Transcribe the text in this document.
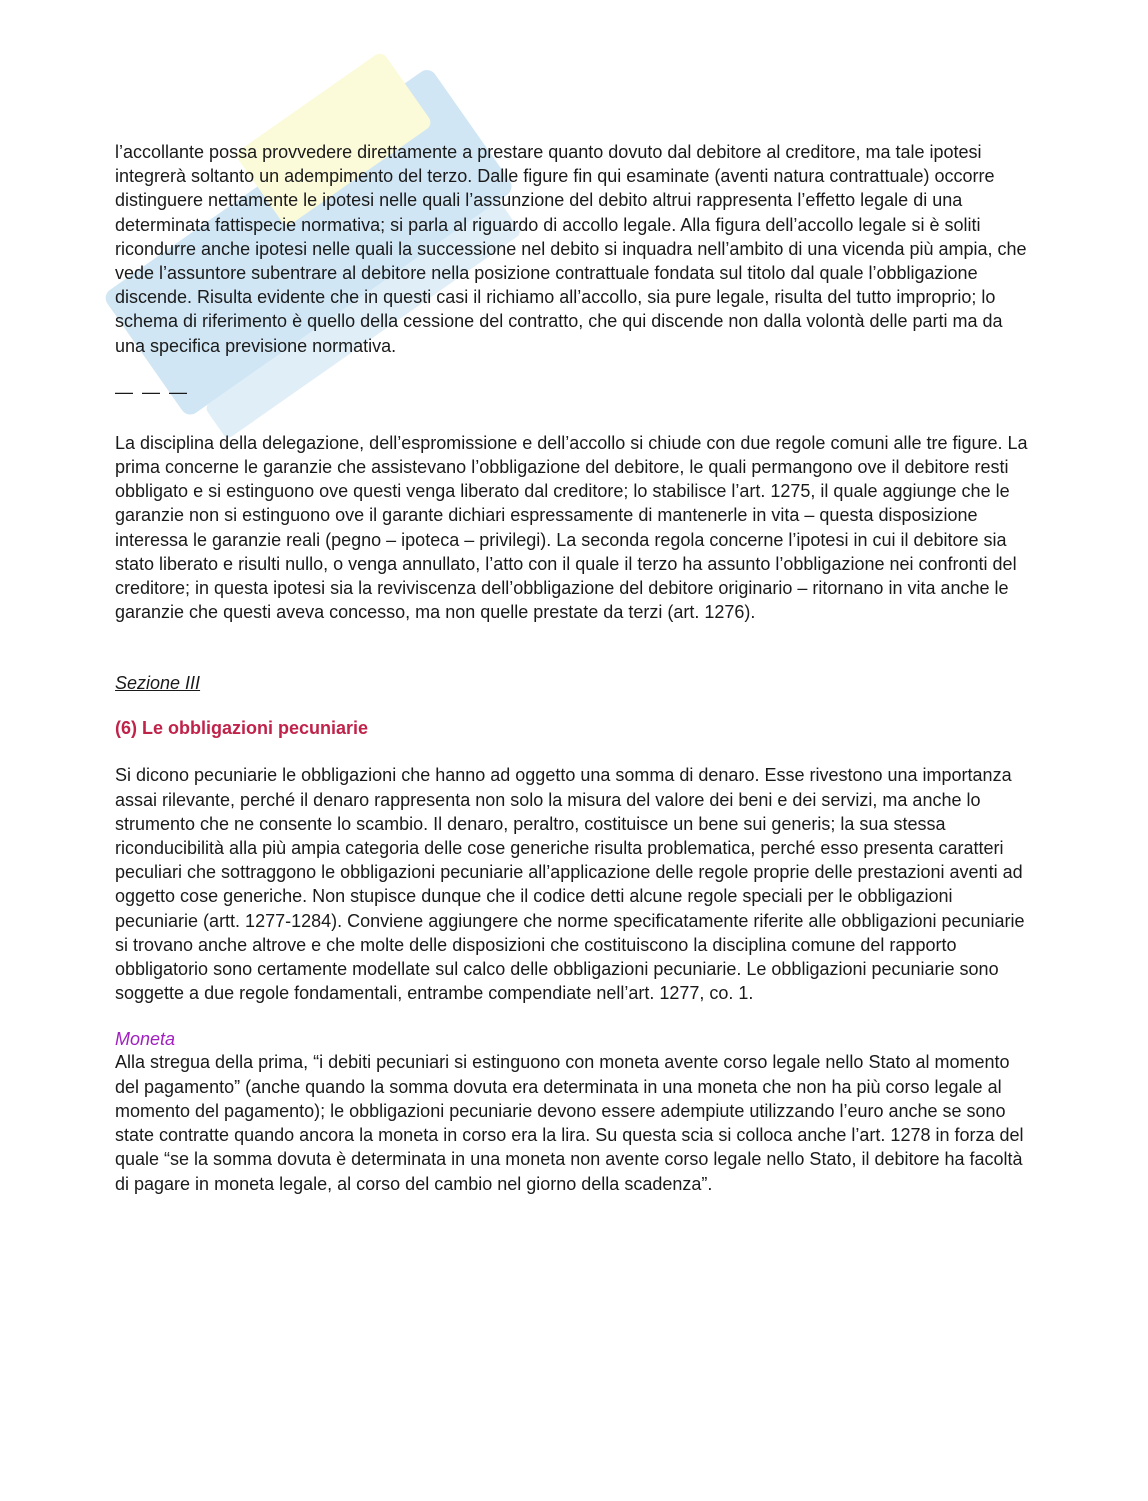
l’accollante possa provvedere direttamente a prestare quanto dovuto dal debitore al creditore, ma tale ipotesi integrerà soltanto un adempimento del terzo. Dalle figure fin qui esaminate (aventi natura contrattuale) occorre distinguere nettamente le ipotesi nelle quali l’assunzione del debito altrui rappresenta l’effetto legale di una determinata fattispecie normativa; si parla al riguardo di accollo legale. Alla figura dell’accollo legale si è soliti ricondurre anche ipotesi nelle quali la successione nel debito si inquadra nell’ambito di una vicenda più ampia, che vede l’assuntore subentrare al debitore nella posizione contrattuale fondata sul titolo dal quale l’obbligazione discende. Risulta evidente che in questi casi il richiamo all’accollo, sia pure legale, risulta del tutto improprio; lo schema di riferimento è quello della cessione del contratto, che qui discende non dalla volontà delle parti ma da una specifica previsione normativa.

— — —

La disciplina della delegazione, dell’espromissione e dell’accollo si chiude con due regole comuni alle tre figure. La prima concerne le garanzie che assistevano l’obbligazione del debitore, le quali permangono ove il debitore resti obbligato e si estinguono ove questi venga liberato dal creditore; lo stabilisce l’art. 1275, il quale aggiunge che le garanzie non si estinguono ove il garante dichiari espressamente di mantenerle in vita – questa disposizione interessa le garanzie reali (pegno – ipoteca – privilegi). La seconda regola concerne l’ipotesi in cui il debitore sia stato liberato e risulti nullo, o venga annullato, l’atto con il quale il terzo ha assunto l’obbligazione nei confronti del creditore; in questa ipotesi sia la reviviscenza dell’obbligazione del debitore originario – ritornano in vita anche le garanzie che questi aveva concesso, ma non quelle prestate da terzi (art. 1276).

Sezione III
(6) Le obbligazioni pecuniarie

Si dicono pecuniarie le obbligazioni che hanno ad oggetto una somma di denaro. Esse rivestono una importanza assai rilevante, perché il denaro rappresenta non solo la misura del valore dei beni e dei servizi, ma anche lo strumento che ne consente lo scambio. Il denaro, peraltro, costituisce un bene sui generis; la sua stessa riconducibilità alla più ampia categoria delle cose generiche risulta problematica, perché esso presenta caratteri peculiari che sottraggono le obbligazioni pecuniarie all’applicazione delle regole proprie delle prestazioni aventi ad oggetto cose generiche. Non stupisce dunque che il codice detti alcune regole speciali per le obbligazioni pecuniarie (artt. 1277-1284). Conviene aggiungere che norme specificatamente riferite alle obbligazioni pecuniarie si trovano anche altrove e che molte delle disposizioni che costituiscono la disciplina comune del rapporto obbligatorio sono certamente modellate sul calco delle obbligazioni pecuniarie. Le obbligazioni pecuniarie sono soggette a due regole fondamentali, entrambe compendiate nell’art. 1277, co. 1.

Moneta

Alla stregua della prima, “i debiti pecuniari si estinguono con moneta avente corso legale nello Stato al momento del pagamento” (anche quando la somma dovuta era determinata in una moneta che non ha più corso legale al momento del pagamento); le obbligazioni pecuniarie devono essere adempiute utilizzando l’euro anche se sono state contratte quando ancora la moneta in corso era la lira. Su questa scia si colloca anche l’art. 1278 in forza del quale “se la somma dovuta è determinata in una moneta non avente corso legale nello Stato, il debitore ha facoltà di pagare in moneta legale, al corso del cambio nel giorno della scadenza”.
